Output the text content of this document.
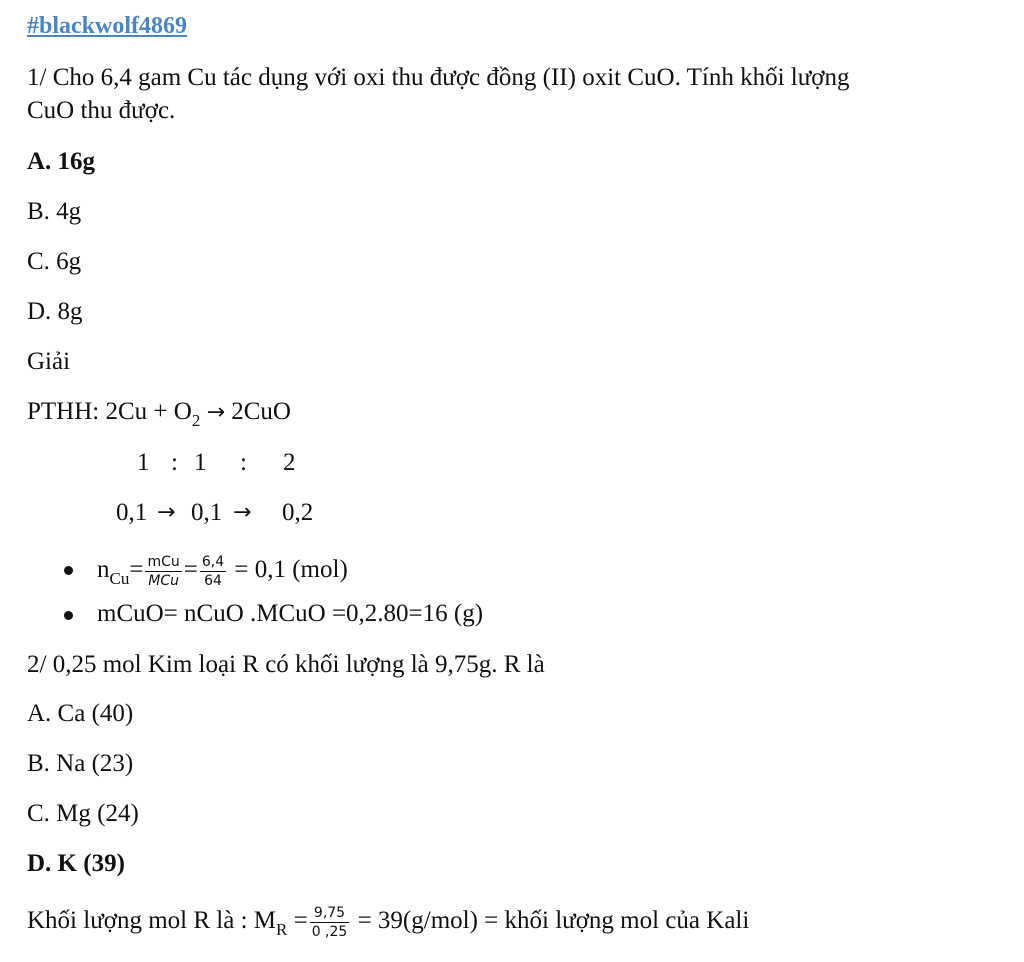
#blackwolf4869
1/ Cho 6,4 gam Cu tác dụng với oxi thu được đồng (II) oxit CuO. Tính khối lượng
CuO thu được.
A. 16g
B. 4g
C. 6g
D. 8g
Giải
PTHH: $2Cu + O_2 \to 2CuO$
1 : 1 : 2
0,1 → 0,1 → 0,2
$n_{Cu}= \frac{\text{mCu}}{\text{MCu}} = \frac{6,4}{64} = 0,1$ (mol)
mCuO= nCuO .MCuO =0,2.80=16 (g)
2/ 0,25 mol Kim loại R có khối lượng là 9,75g. R là
A. Ca (40)
B. Na (23)
C. Mg (24)
D. K (39)
Khối lượng mol R là : $M_R = \frac{9,75}{0 ,25} = 39(g/mol)$ = khối lượng mol của Kali
